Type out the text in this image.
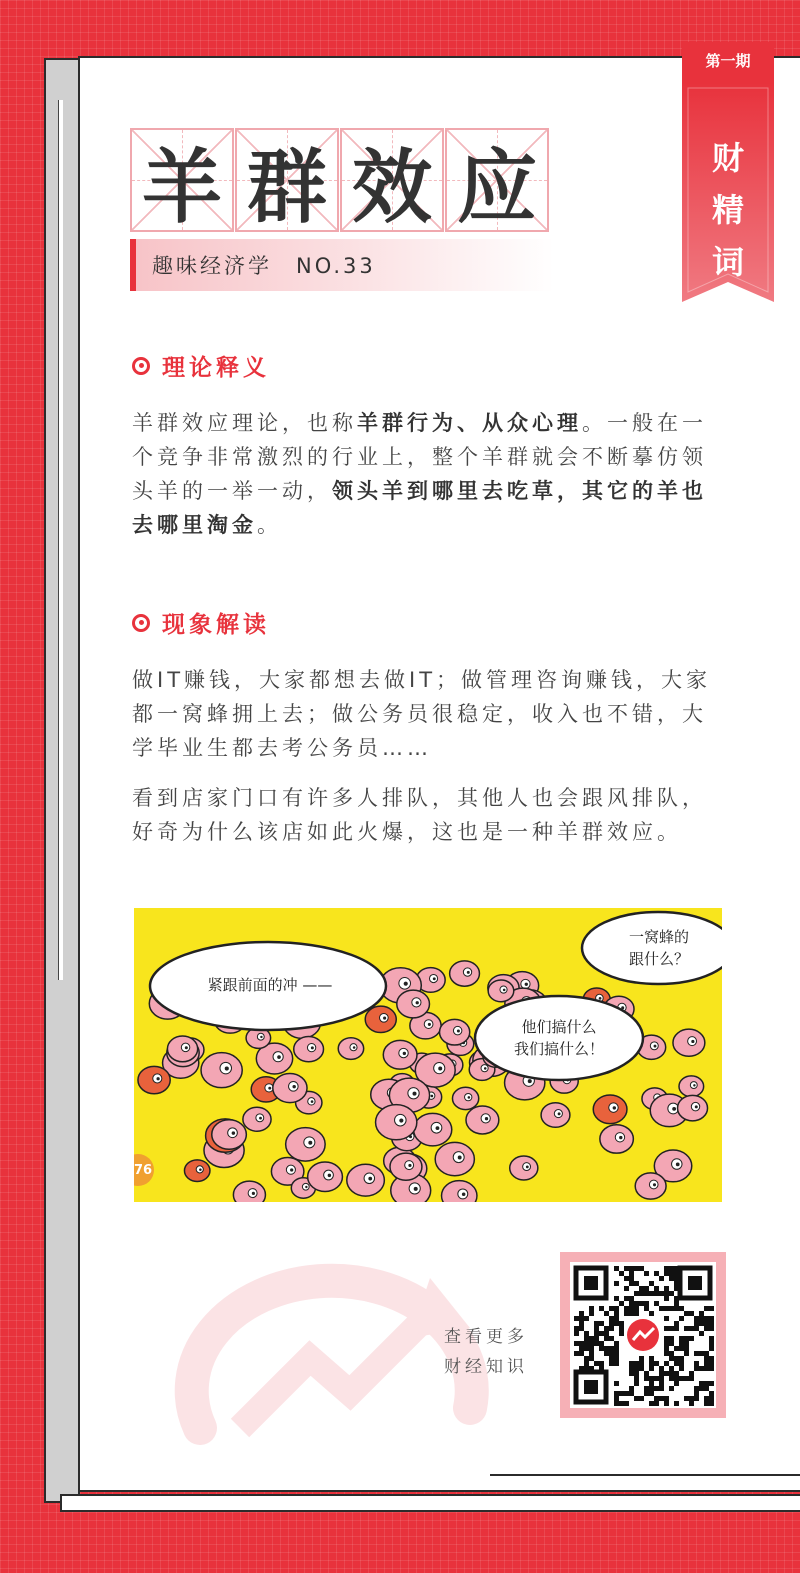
第一期
财
精
词
典
羊 群 效 应
趣味经济学　NO.33
理论释义
羊群效应理论，也称羊群行为、从众心理。一般在一个竞争非常激烈的行业上，整个羊群就会不断摹仿领头羊的一举一动，领头羊到哪里去吃草，其它的羊也去哪里淘金。
现象解读
做IT赚钱，大家都想去做IT；做管理咨询赚钱，大家都一窝蜂拥上去；做公务员很稳定，收入也不错，大学毕业生都去考公务员……
看到店家门口有许多人排队，其他人也会跟风排队，好奇为什么该店如此火爆，这也是一种羊群效应。
紧跟前面的冲 ——
他们搞什么
我们搞什么！
一窝蜂的
跟什么？
76
查看更多
财经知识
